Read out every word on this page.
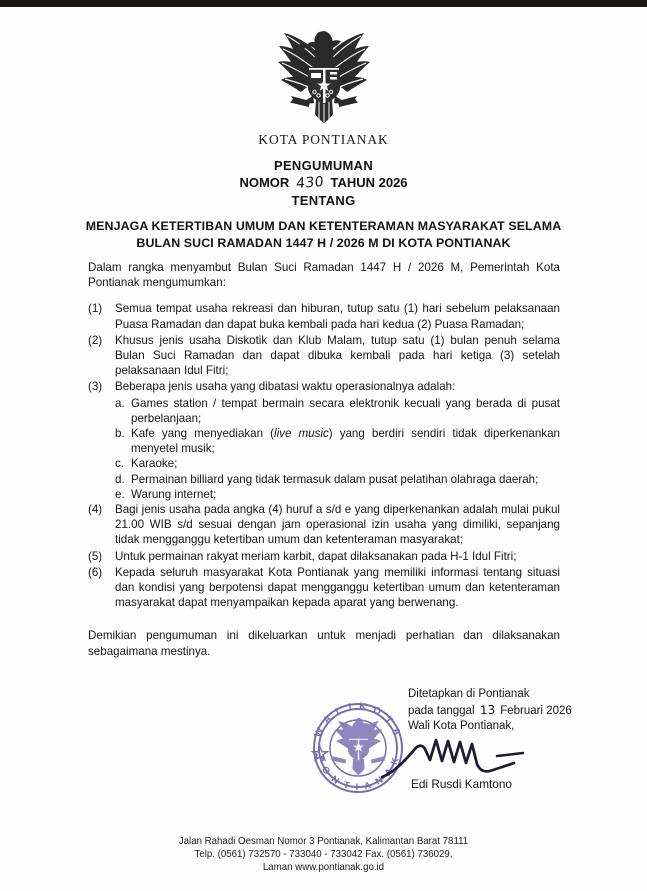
KOTA PONTIANAK
PENGUMUMAN
NOMOR 430 TAHUN 2026
TENTANG
MENJAGA KETERTIBAN UMUM DAN KETENTERAMAN MASYARAKAT SELAMA
BULAN SUCI RAMADAN 1447 H / 2026 M DI KOTA PONTIANAK

Dalam rangka menyambut Bulan Suci Ramadan 1447 H / 2026 M, Pemerintah Kota Pontianak mengumumkan:

(1)	Semua tempat usaha rekreasi dan hiburan, tutup satu (1) hari sebelum pelaksanaan Puasa Ramadan dan dapat buka kembali pada hari kedua (2) Puasa Ramadan;
(2)	Khusus jenis usaha Diskotik dan Klub Malam, tutup satu (1) bulan penuh selama Bulan Suci Ramadan dan dapat dibuka kembali pada hari ketiga (3) setelah pelaksanaan Idul Fitri;
(3)	Beberapa jenis usaha yang dibatasi waktu operasionalnya adalah:
a. Games station / tempat bermain secara elektronik kecuali yang berada di pusat perbelanjaan;
b. Kafe yang menyediakan (live music) yang berdiri sendiri tidak diperkenankan menyetel musik;
c. Karaoke;
d. Permainan billiard yang tidak termasuk dalam pusat pelatihan olahraga daerah;
e. Warung internet;
(4)	Bagi jenis usaha pada angka (4) huruf a s/d e yang diperkenankan adalah mulai pukul 21.00 WIB s/d sesuai dengan jam operasional izin usaha yang dimiliki, sepanjang tidak mengganggu ketertiban umum dan ketenteraman masyarakat;
(5)	Untuk permainan rakyat meriam karbit, dapat dilaksanakan pada H-1 Idul Fitri;
(6)	Kepada seluruh masyarakat Kota Pontianak yang memiliki informasi tentang situasi dan kondisi yang berpotensi dapat mengganggu ketertiban umum dan ketenteraman masyarakat dapat menyampaikan kepada aparat yang berwenang.

Demikian pengumuman ini dikeluarkan untuk menjadi perhatian dan dilaksanakan sebagaimana mestinya.

Ditetapkan di Pontianak
pada tanggal 13 Februari 2026
Wali Kota Pontianak,
W A L I K O T A
P O N T I A N A K
Edi Rusdi Kamtono
Jalan Rahadi Oesman Nomor 3 Pontianak, Kalimantan Barat 78111
Telp. (0561) 732570 - 733040 - 733042 Fax. (0561) 736029,
Laman www.pontianak.go.id
